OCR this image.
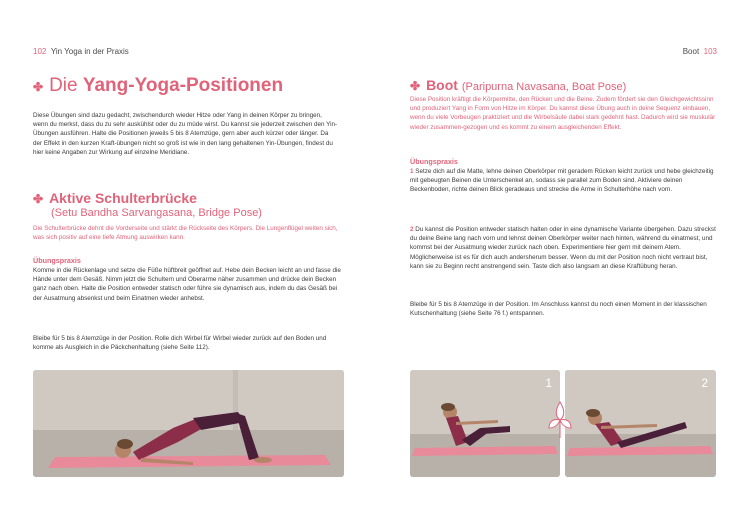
102 Yin Yoga in der Praxis
✤ Die Yang-Yoga-Positionen
Diese Übungen sind dazu gedacht, zwischendurch wieder Hitze oder Yang in deinen Körper zu bringen, wenn du merkst, dass du zu sehr auskühlst oder du zu müde wirst. Du kannst sie jederzeit zwischen den Yin-Übungen ausführen. Halte die Positionen jeweils 5 bis 8 Atemzüge, gern aber auch kürzer oder länger. Da der Effekt in den kurzen Kraft-übungen nicht so groß ist wie in den lang gehaltenen Yin-Übungen, findest du hier keine Angaben zur Wirkung auf einzelne Meridiane.
✤ Aktive Schulterbrücke
(Setu Bandha Sarvangasana, Bridge Pose)
Die Schulterbrücke dehnt die Vorderseite und stärkt die Rückseite des Körpers. Die Lungenflügel weiten sich, was sich positiv auf eine tiefe Atmung auswirken kann.
Übungspraxis
Komme in die Rückenlage und setze die Füße hüftbreit geöffnet auf. Hebe dein Becken leicht an und fasse die Hände unter dem Gesäß. Nimm jetzt die Schultern und Oberarme näher zusammen und drücke dein Becken ganz nach oben. Halte die Position entweder statisch oder führe sie dynamisch aus, indem du das Gesäß bei der Ausatmung absenkst und beim Einatmen wieder anhebst.
Bleibe für 5 bis 8 Atemzüge in der Position. Rolle dich Wirbel für Wirbel wieder zurück auf den Boden und komme als Ausgleich in die Päckchenhaltung (siehe Seite 112).
Boot 103
✤ Boot (Paripurna Navasana, Boat Pose)
Diese Position kräftigt die Körpermitte, den Rücken und die Beine. Zudem fördert sie den Gleichgewichtssinn und produziert Yang in Form von Hitze im Körper. Du kannst diese Übung auch in deine Sequenz einbauen, wenn du viele Vorbeugen praktiziert und die Wirbelsäule dabei stark gedehnt hast. Dadurch wird sie muskulär wieder zusammen-gezogen und es kommt zu einem ausgleichenden Effekt.
Übungspraxis
1 Setze dich auf die Matte, lehne deinen Oberkörper mit geradem Rücken leicht zurück und hebe gleichzeitig mit gebeugten Beinen die Unterschenkel an, sodass sie parallel zum Boden sind. Aktiviere deinen Beckenboden, richte deinen Blick geradeaus und strecke die Arme in Schulterhöhe nach vorn.
2 Du kannst die Position entweder statisch halten oder in eine dynamische Variante übergehen. Dazu streckst du deine Beine lang nach vorn und lehnst deinen Oberkörper weiter nach hinten, während du einatmest, und kommst bei der Ausatmung wieder zurück nach oben. Experimentiere hier gern mit deinem Atem. Möglicherweise ist es für dich auch andersherum besser. Wenn du mit der Position noch nicht vertraut bist, kann sie zu Beginn recht anstrengend sein. Taste dich also langsam an diese Kraftübung heran.
Bleibe für 5 bis 8 Atemzüge in der Position. Im Anschluss kannst du noch einen Moment in der klassischen Kutschenhaltung (siehe Seite 76 f.) entspannen.
1	2
